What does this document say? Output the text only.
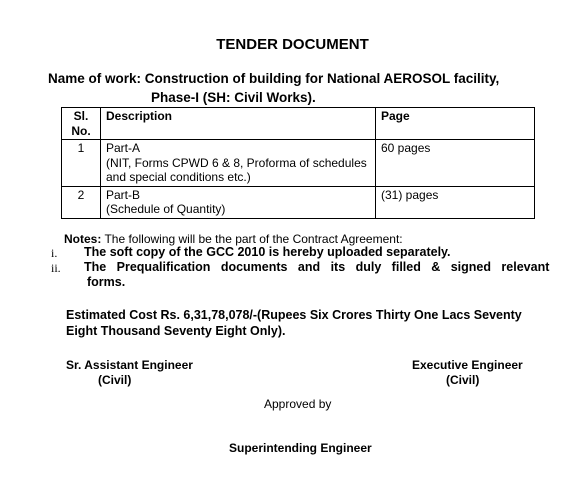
TENDER DOCUMENT
Name of work: Construction of building for National AEROSOL facility,
Phase-I (SH: Civil Works).
Sl.
No.	Description	Page
1	Part-A
(NIT, Forms CPWD 6 & 8, Proforma of schedules
and special conditions etc.)	60 pages
2	Part-B
(Schedule of Quantity)	(31) pages
Notes: The following will be the part of the Contract Agreement:
i. The soft copy of the GCC 2010 is hereby uploaded separately.
ii. The   Prequalification   documents   and   its   duly   filled   &   signed   relevant
forms.
Estimated Cost Rs. 6,31,78,078/-(Rupees Six Crores Thirty One Lacs Seventy
Eight Thousand Seventy Eight Only).
Sr. Assistant Engineer
(Civil)
Executive Engineer
(Civil)
Approved by
Superintending Engineer
